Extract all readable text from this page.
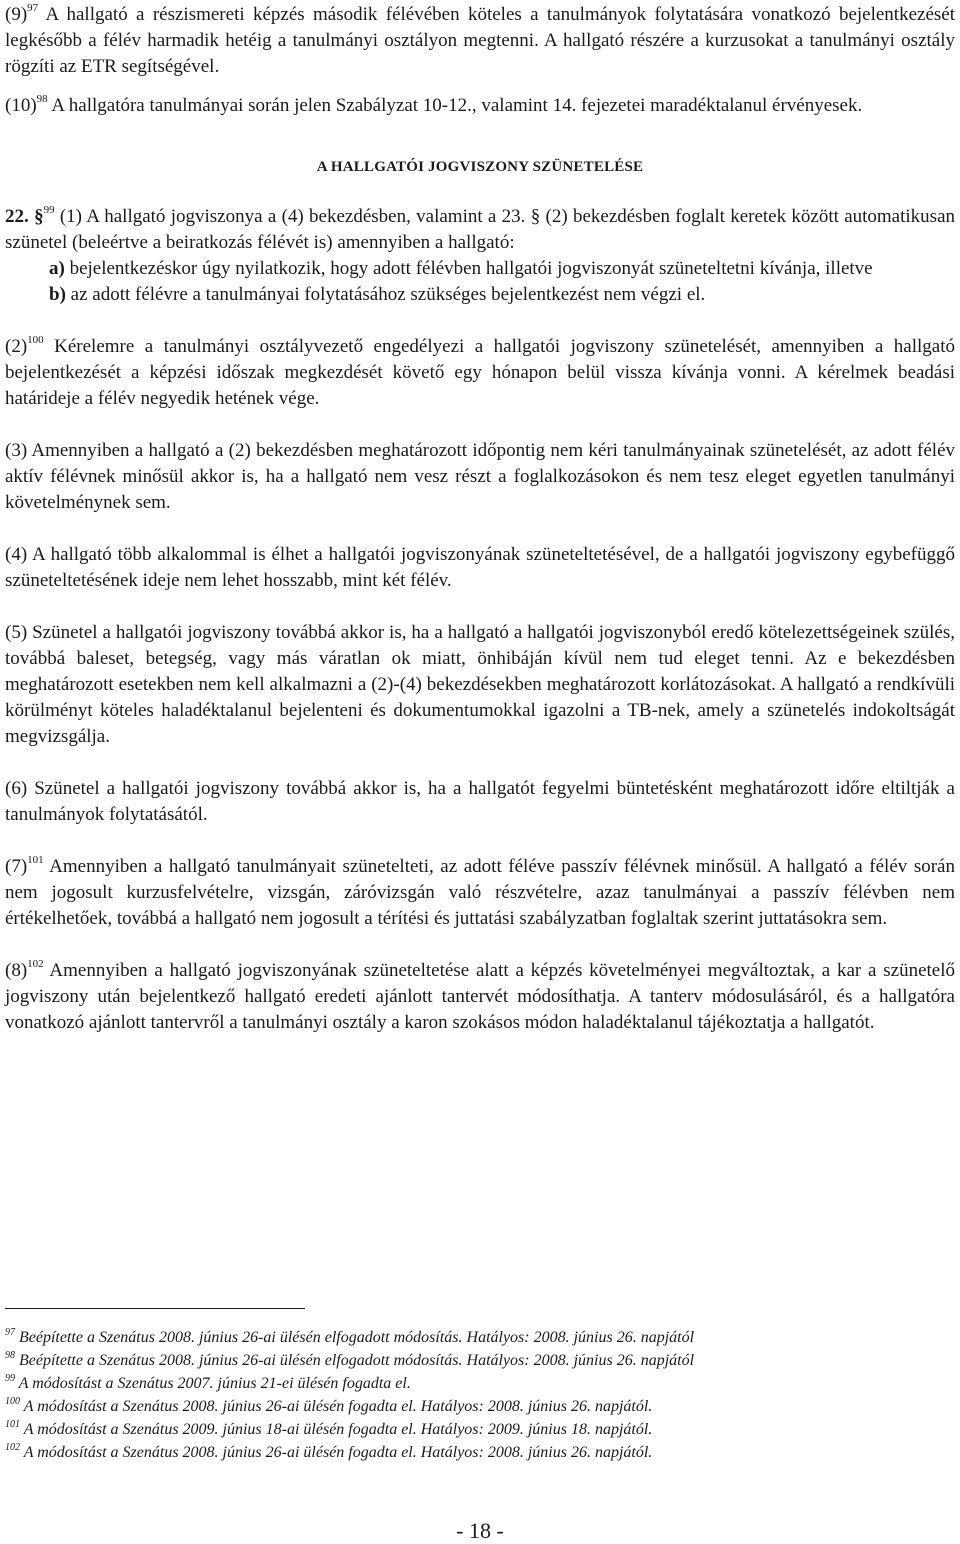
$(9)^{97}$ A hallgató a részismereti képzés második félévében köteles a tanulmányok folytatására vonatkozó bejelentkezését legkésőbb a félév harmadik hetéig a tanulmányi osztályon megtenni. A hallgató részére a kurzusokat a tanulmányi osztály rögzíti az ETR segítségével.

$(10)^{98}$ A hallgatóra tanulmányai során jelen Szabályzat 10-12., valamint 14. fejezetei maradéktalanul érvényesek.

A HALLGATÓI JOGVISZONY SZÜNETELÉSE

22. §$^{99}$ (1) A hallgató jogviszonya a (4) bekezdésben, valamint a 23. § (2) bekezdésben foglalt keretek között automatikusan szünetel (beleértve a beiratkozás félévét is) amennyiben a hallgató:

a) bejelentkezéskor úgy nyilatkozik, hogy adott félévben hallgatói jogviszonyát szüneteltetni kívánja, illetve

b) az adott félévre a tanulmányai folytatásához szükséges bejelentkezést nem végzi el.

$(2)^{100}$ Kérelemre a tanulmányi osztályvezető engedélyezi a hallgatói jogviszony szünetelését, amennyiben a hallgató bejelentkezését a képzési időszak megkezdését követő egy hónapon belül vissza kívánja vonni. A kérelmek beadási határideje a félév negyedik hetének vége.

(3) Amennyiben a hallgató a (2) bekezdésben meghatározott időpontig nem kéri tanulmányainak szünetelését, az adott félév aktív félévnek minősül akkor is, ha a hallgató nem vesz részt a foglalkozásokon és nem tesz eleget egyetlen tanulmányi követelménynek sem.

(4) A hallgató több alkalommal is élhet a hallgatói jogviszonyának szüneteltetésével, de a hallgatói jogviszony egybefüggő szüneteltetésének ideje nem lehet hosszabb, mint két félév.

(5) Szünetel a hallgatói jogviszony továbbá akkor is, ha a hallgató a hallgatói jogviszonyból eredő kötelezettségeinek szülés, továbbá baleset, betegség, vagy más váratlan ok miatt, önhibáján kívül nem tud eleget tenni. Az e bekezdésben meghatározott esetekben nem kell alkalmazni a (2)-(4) bekezdésekben meghatározott korlátozásokat. A hallgató a rendkívüli körülményt köteles haladéktalanul bejelenteni és dokumentumokkal igazolni a TB-nek, amely a szünetelés indokoltságát megvizsgálja.

(6) Szünetel a hallgatói jogviszony továbbá akkor is, ha a hallgatót fegyelmi büntetésként meghatározott időre eltiltják a tanulmányok folytatásától.

$(7)^{101}$ Amennyiben a hallgató tanulmányait szünetelteti, az adott féléve passzív félévnek minősül. A hallgató a félév során nem jogosult kurzusfelvételre, vizsgán, záróvizsgán való részvételre, azaz tanulmányai a passzív félévben nem értékelhetőek, továbbá a hallgató nem jogosult a térítési és juttatási szabályzatban foglaltak szerint juttatásokra sem.

$(8)^{102}$ Amennyiben a hallgató jogviszonyának szüneteltetése alatt a képzés követelményei megváltoztak, a kar a szünetelő jogviszony után bejelentkező hallgató eredeti ajánlott tantervét módosíthatja. A tanterv módosulásáról, és a hallgatóra vonatkozó ajánlott tantervről a tanulmányi osztály a karon szokásos módon haladéktalanul tájékoztatja a hallgatót.

$^{97}$ Beépítette a Szenátus 2008. június 26-ai ülésén elfogadott módosítás. Hatályos: 2008. június 26. napjától
$^{98}$ Beépítette a Szenátus 2008. június 26-ai ülésén elfogadott módosítás. Hatályos: 2008. június 26. napjától
$^{99}$ A módosítást a Szenátus 2007. június 21-ei ülésén fogadta el.
$^{100}$ A módosítást a Szenátus 2008. június 26-ai ülésén fogadta el. Hatályos: 2008. június 26. napjától.
$^{101}$ A módosítást a Szenátus 2009. június 18-ai ülésén fogadta el. Hatályos: 2009. június 18. napjától.
$^{102}$ A módosítást a Szenátus 2008. június 26-ai ülésén fogadta el. Hatályos: 2008. június 26. napjától.
- 18 -
